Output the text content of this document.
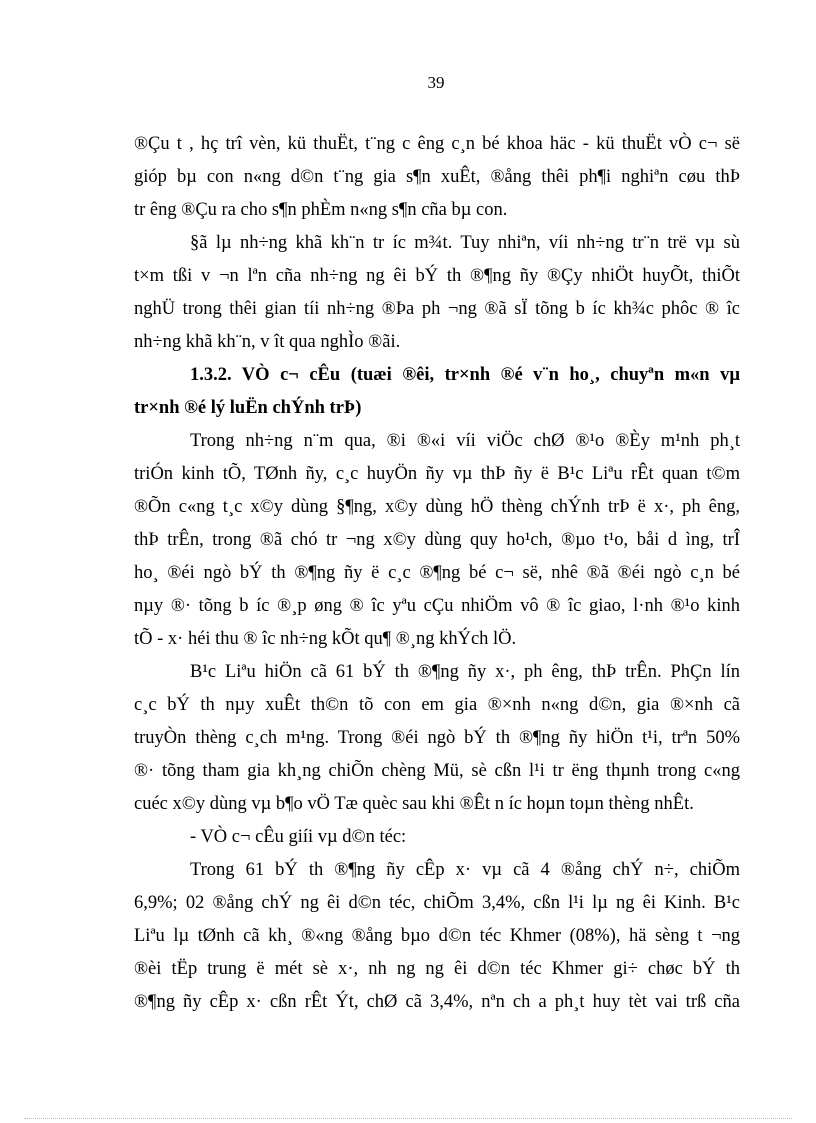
39

®Çu t , hç trî vèn, kü thuËt, t¨ng c êng c¸n bé khoa häc - kü thuËt vÒ c¬ së

gióp bµ con n«ng d©n t¨ng gia s¶n xuÊt, ®ång thêi ph¶i nghiªn cøu thÞ

tr êng ®Çu ra cho s¶n phÈm n«ng s¶n cña bµ con.

§ã lµ nh÷ng khã kh¨n tr íc m¾t. Tuy nhiªn, víi nh÷ng tr¨n trë vµ sù

t×m tßi v ¬n lªn cña nh÷ng ng êi bÝ th ®¶ng ñy ®Çy nhiÖt huyÕt, thiÕt

nghÜ trong thêi gian tíi nh÷ng ®Þa ph ¬ng ®ã sÏ tõng b íc kh¾c phôc ® îc

nh÷ng khã kh¨n, v ît qua nghÌo ®ãi.

1.3.2. VÒ c¬ cÊu (tuæi ®êi, tr×nh ®é v¨n ho¸, chuyªn m«n vµ

tr×nh ®é lý luËn chÝnh trÞ)

Trong nh÷ng n¨m qua, ®i ®«i víi viÖc chØ ®¹o ®Èy m¹nh ph¸t

triÓn kinh tÕ, TØnh ñy, c¸c huyÖn ñy vµ thÞ ñy ë B¹c Liªu rÊt quan t©m

®Õn c«ng t¸c x©y dùng §¶ng, x©y dùng hÖ thèng chÝnh trÞ ë x·, ph êng,

thÞ trÊn, trong ®ã chó tr ¬ng x©y dùng quy ho¹ch, ®µo t¹o, båi d ìng, trÎ

ho¸ ®éi ngò bÝ th ®¶ng ñy ë c¸c ®¶ng bé c¬ së, nhê ®ã ®éi ngò c¸n bé

nµy ®· tõng b íc ®¸p øng ® îc yªu cÇu nhiÖm vô ® îc giao, l·nh ®¹o kinh

tÕ - x· héi thu ® îc nh÷ng kÕt qu¶ ®¸ng khÝch lÖ.

B¹c Liªu hiÖn cã 61 bÝ th ®¶ng ñy x·, ph êng, thÞ trÊn. PhÇn lín

c¸c bÝ th nµy xuÊt th©n tõ con em gia ®×nh n«ng d©n, gia ®×nh cã

truyÒn thèng c¸ch m¹ng. Trong ®éi ngò bÝ th ®¶ng ñy hiÖn t¹i, trªn 50%

®· tõng tham gia kh¸ng chiÕn chèng Mü, sè cßn l¹i tr ëng thµnh trong c«ng

cuéc x©y dùng vµ b¶o vÖ Tæ quèc sau khi ®Êt n íc hoµn toµn thèng nhÊt.

- VÒ c¬ cÊu giíi vµ d©n téc:

Trong 61 bÝ th ®¶ng ñy cÊp x· vµ cã 4 ®ång chÝ n÷, chiÕm

6,9%; 02 ®ång chÝ ng êi d©n téc, chiÕm 3,4%, cßn l¹i lµ ng êi Kinh. B¹c

Liªu lµ tØnh cã kh¸ ®«ng ®ång bµo d©n téc Khmer (08%), hä sèng t ¬ng

®èi tËp trung ë mét sè x·, nh ng ng êi d©n téc Khmer gi÷ chøc bÝ th

®¶ng ñy cÊp x· cßn rÊt Ýt, chØ cã 3,4%, nªn ch a ph¸t huy tèt vai trß cña
